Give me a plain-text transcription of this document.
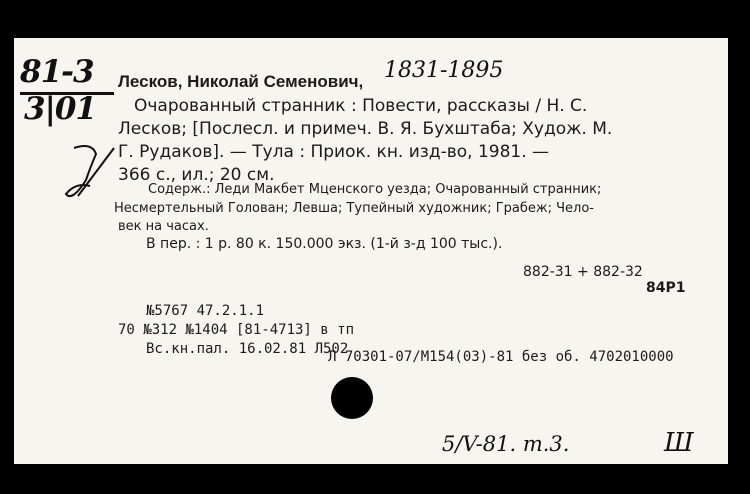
81-3
3|01
Лесков, Николай Семенович, 1831-1895
Очарованный странник : Повести, рассказы / Н. С.
Лесков; [Послесл. и примеч. В. Я. Бухштаба; Худож. М.
Г. Рудаков]. — Тула : Приок. кн. изд-во, 1981. —
366 с., ил.; 20 см.
Содерж.: Леди Макбет Мценского уезда; Очарованный странник;
Несмертельный Голован; Левша; Тупейный художник; Грабеж; Чело-
век на часах.
В пер. : 1 р. 80 к. 150.000 экз. (1-й з-д 100 тыс.).
882-31 + 882-32
84Р1
№5767 47.2.1.1
70 №312 №1404 [81-4713] в тп
Вс.кн.пал. 16.02.81 Л502
Л 70301-07/М154(03)-81 без об. 4702010000
5/V-81. m.3.	Ш
